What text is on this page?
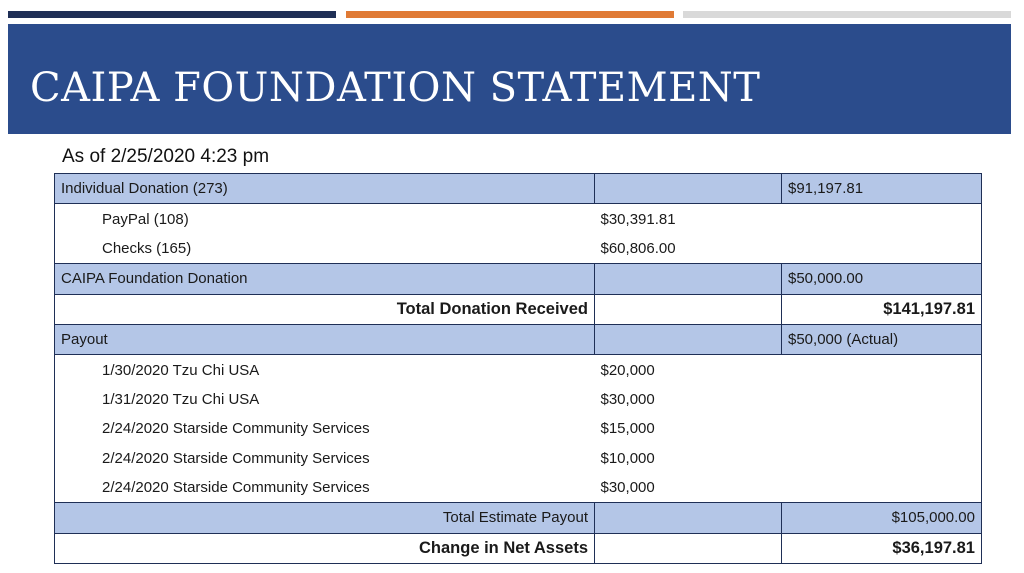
CAIPA FOUNDATION STATEMENT
As of 2/25/2020 4:23 pm
Individual Donation (273)		$91,197.81
PayPal (108)	$30,391.81	
Checks (165)	$60,806.00	
CAIPA Foundation Donation		$50,000.00
Total Donation Received		$141,197.81
Payout		$50,000 (Actual)
1/30/2020 Tzu Chi USA	$20,000	
1/31/2020 Tzu Chi USA	$30,000	
2/24/2020 Starside Community Services	$15,000	
2/24/2020 Starside Community Services	$10,000	
2/24/2020 Starside Community Services	$30,000	
Total Estimate Payout		$105,000.00
Change in Net Assets		$36,197.81
